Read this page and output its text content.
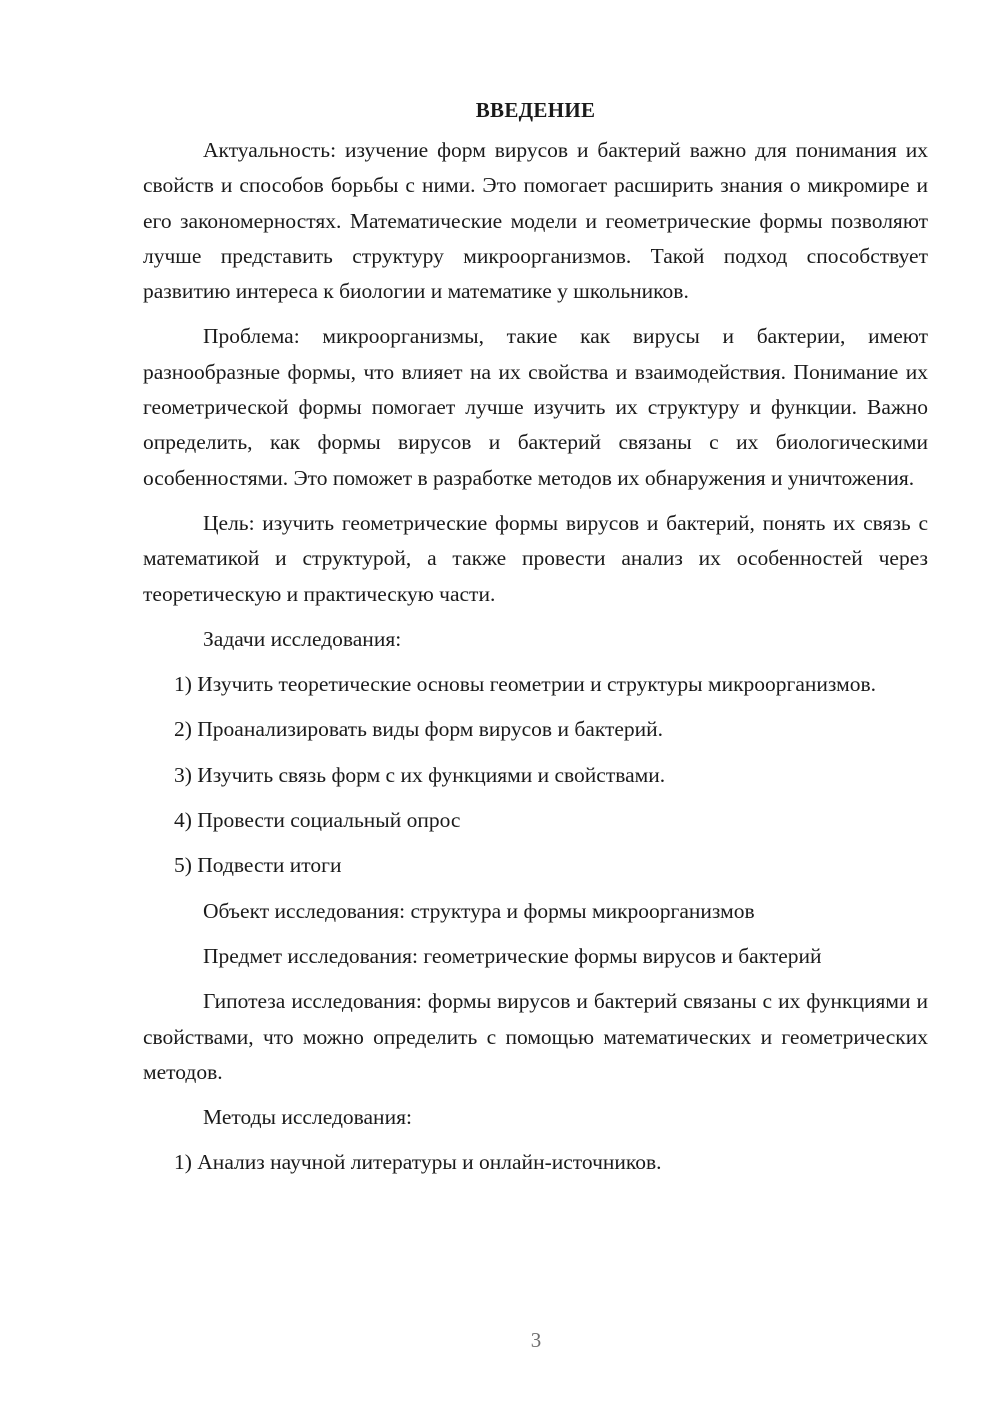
ВВЕДЕНИЕ

Актуальность: изучение форм вирусов и бактерий важно для понимания их свойств и способов борьбы с ними. Это помогает расширить знания о микромире и его закономерностях. Математические модели и геометрические формы позволяют лучше представить структуру микроорганизмов. Такой подход способствует развитию интереса к биологии и математике у школьников.

Проблема: микроорганизмы, такие как вирусы и бактерии, имеют разнообразные формы, что влияет на их свойства и взаимодействия. Понимание их геометрической формы помогает лучше изучить их структуру и функции. Важно определить, как формы вирусов и бактерий связаны с их биологическими особенностями. Это поможет в разработке методов их обнаружения и уничтожения.

Цель: изучить геометрические формы вирусов и бактерий, понять их связь с математикой и структурой, а также провести анализ их особенностей через теоретическую и практическую части.

Задачи исследования:

1) Изучить теоретические основы геометрии и структуры микроорганизмов.

2) Проанализировать виды форм вирусов и бактерий.

3) Изучить связь форм с их функциями и свойствами.

4) Провести социальный опрос

5) Подвести итоги

Объект исследования: структура и формы микроорганизмов

Предмет исследования: геометрические формы вирусов и бактерий

Гипотеза исследования: формы вирусов и бактерий связаны с их функциями и свойствами, что можно определить с помощью математических и геометрических методов.

Методы исследования:

1) Анализ научной литературы и онлайн-источников.

3
